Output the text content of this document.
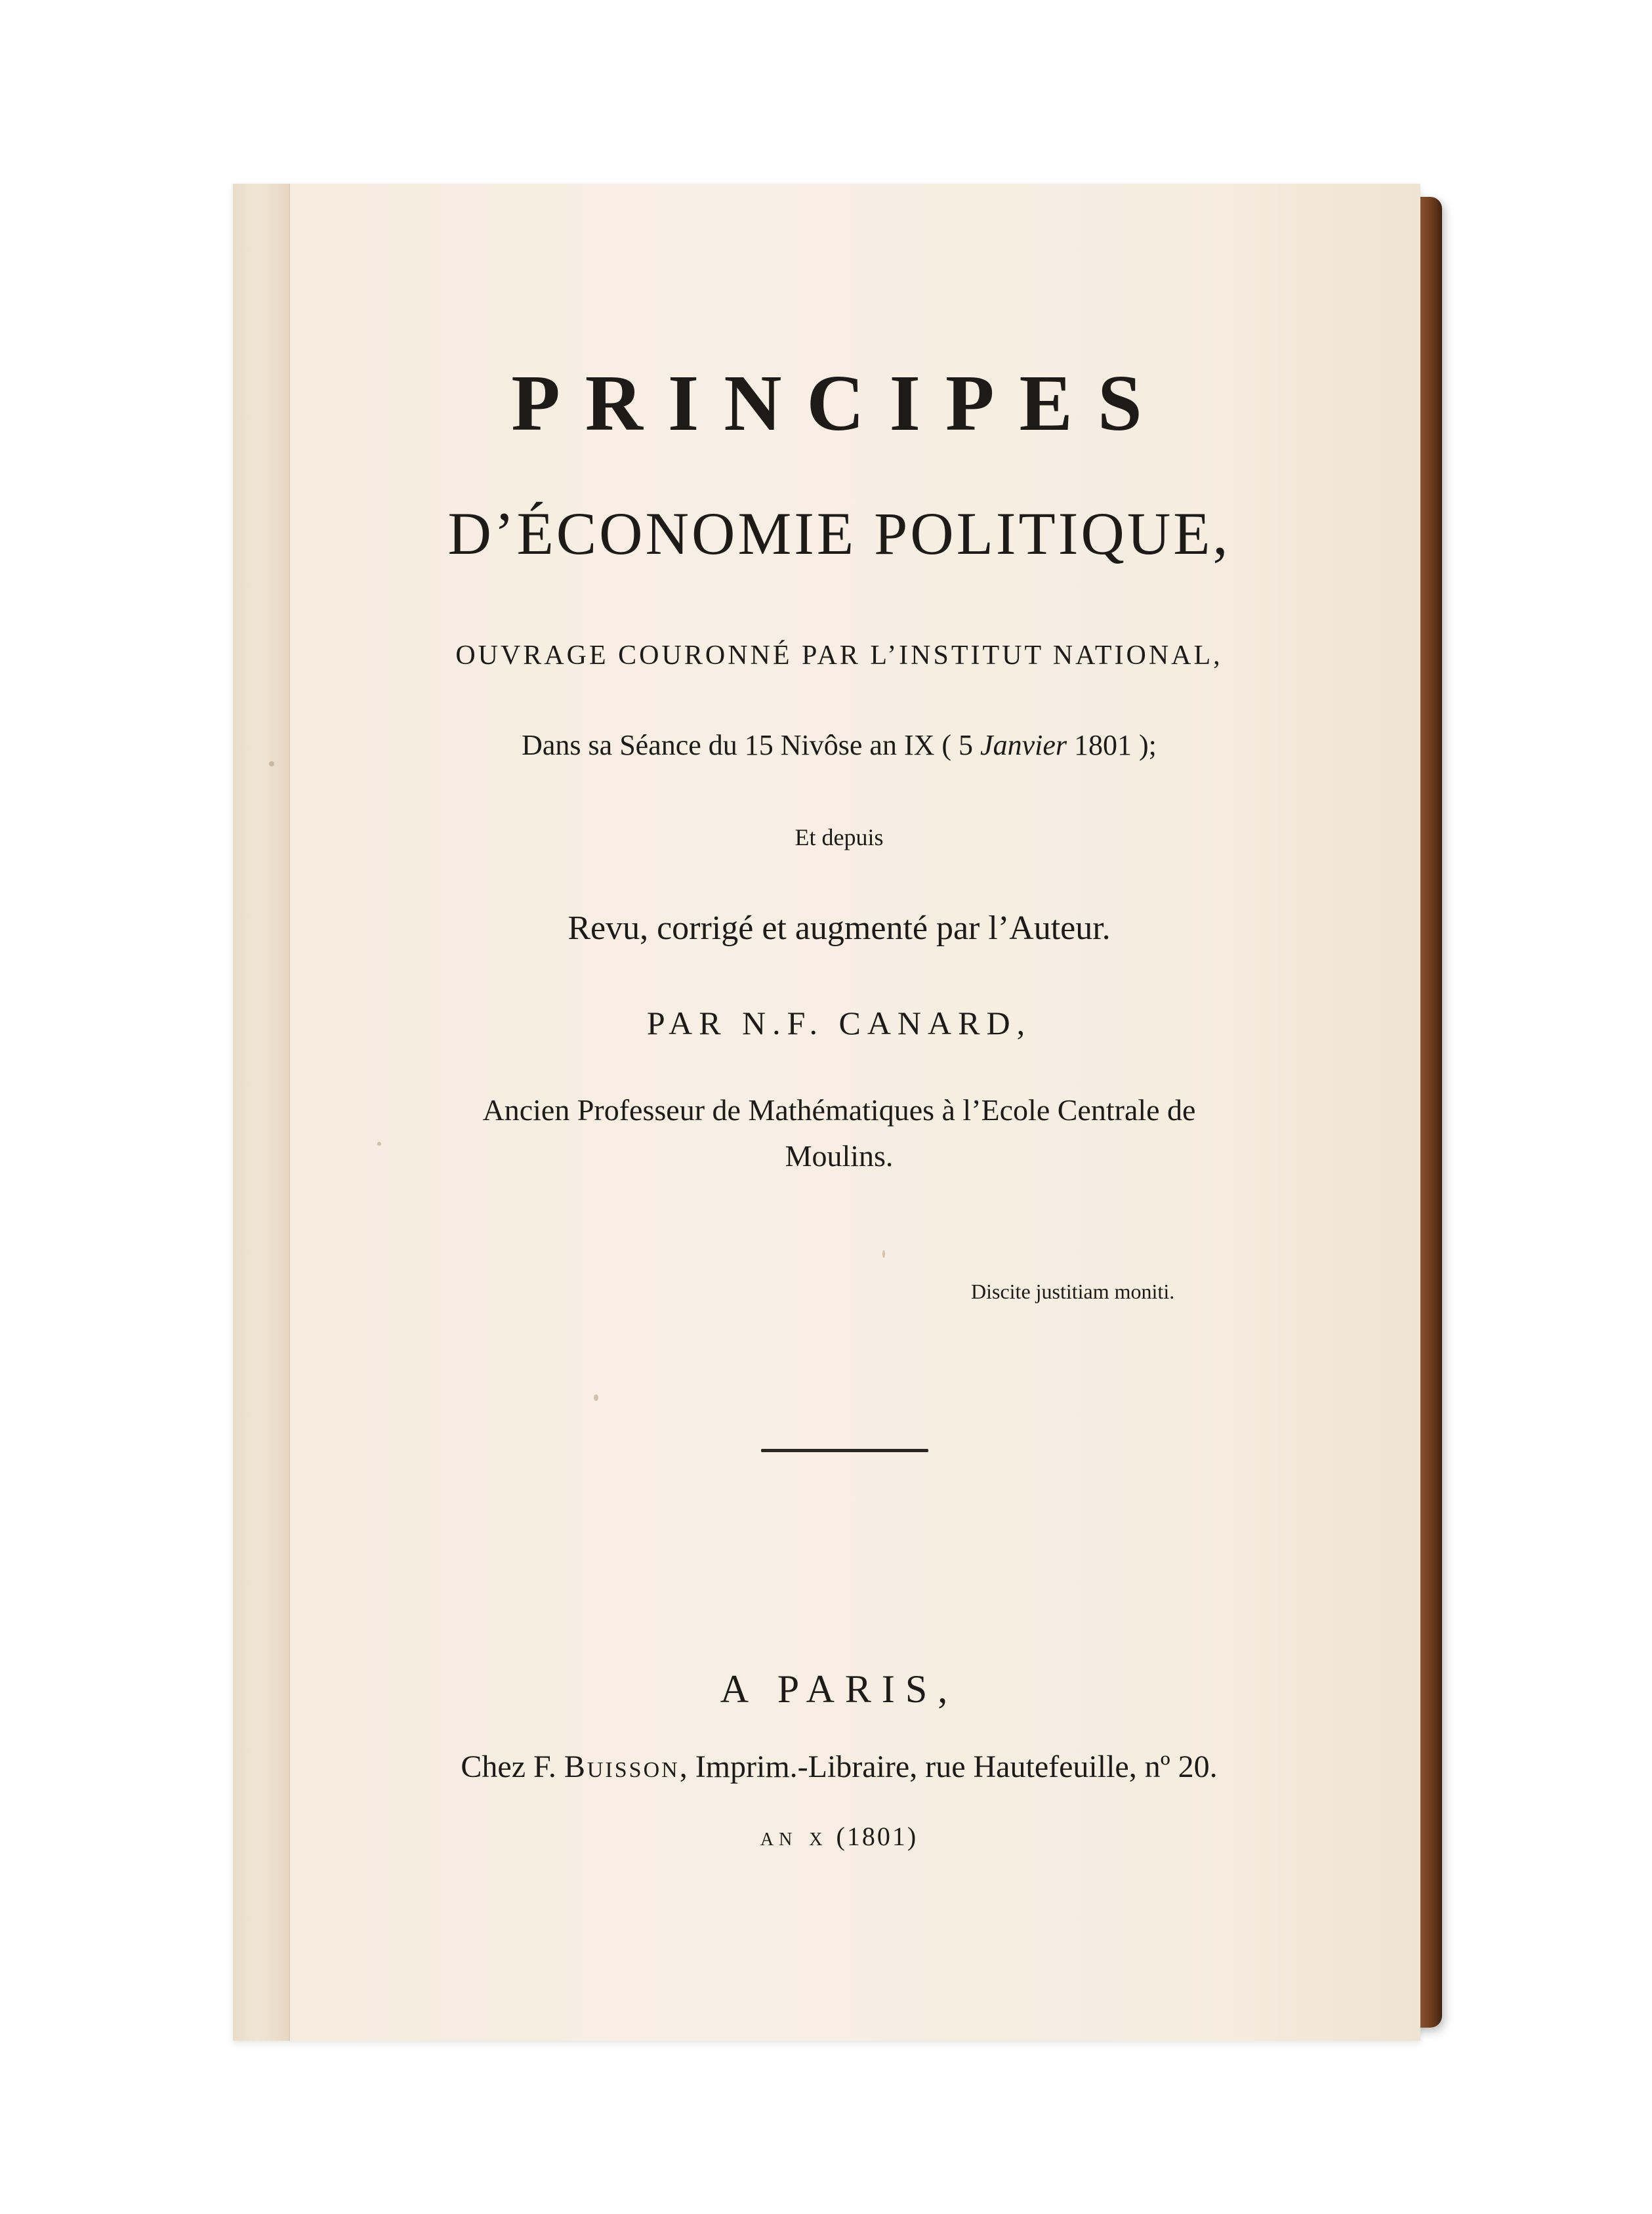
PRINCIPES
D’ÉCONOMIE POLITIQUE,
OUVRAGE COURONNÉ PAR L’INSTITUT NATIONAL,
Dans sa Séance du 15 Nivôse an IX ( 5 Janvier 1801 );
Et depuis
Revu, corrigé et augmenté par l’Auteur.
PAR N.F. CANARD,
Ancien Professeur de Mathématiques à l’Ecole Centrale de
Moulins.
Discite justitiam moniti.
A PARIS,
Chez F. Buisson, Imprim.-Libraire, rue Hautefeuille, nº 20.
an x (1801)
